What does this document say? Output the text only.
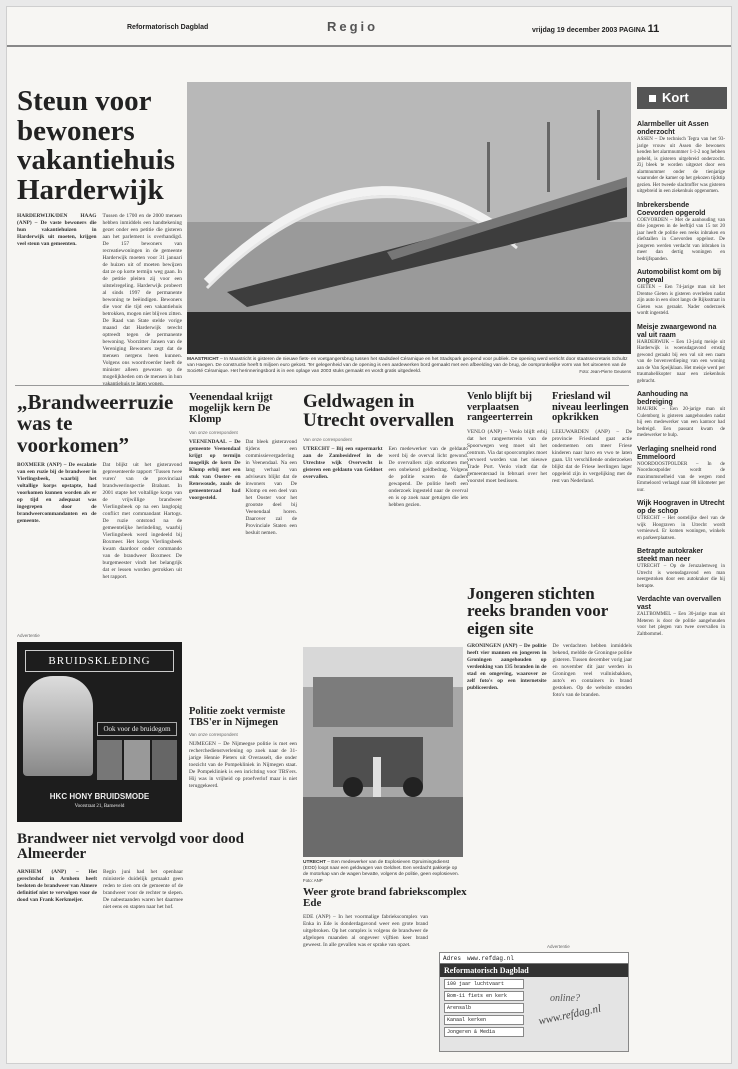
Reformatorisch Dagblad	Regio	vrijdag 19 december 2003 PAGINA 11
Steun voor bewoners vakantiehuis Harderwijk

HARDERWIJK/DEN HAAG (ANP) – De vaste bewoners die hun vakantiehuizen in Harderwijk uit moeten, krijgen veel steun van gemeenten.

Tussen de 1700 en de 2000 mensen hebben inmiddels een handtekening gezet onder een petitie die gisteren aan het parlement is overhandigd. De 157 bewoners van recreatiewoningen in de gemeente Harderwijk moeten voor 31 januari de huizen uit of moeten bewijzen dat ze op korte termijn weg gaan. In de petitie pleiten zij voor een uitstelregeling. Harderwijk probeert al sinds 1997 de permanente bewoning te beëindigen. Bewoners die voor die tijd een vakantiehuis betrokken, mogen niet blijven zitten. De Raad van State stelde vorige maand dat Harderwijk terecht optreedt tegen de permanente bewoning. Voorzitter Jansen van de Vereniging Bewoners zegt dat de mensen nergens heen kunnen. Volgens ons woordvoerder heeft de minister alleen gewezen op de mogelijkheden om de mensen in hun vakantiehuis te laten wonen.

MAASTRICHT – In Maastricht is gisteren de nieuwe fiets- en voetgangersbrug tussen het stadsdeel Céramique en het Stadspark geopend voor publiek. De opening werd verricht door staatssecretaris Schultz van Haegen. De constructie heeft 5 miljoen euro gekost. Ter gelegenheid van de opening is een aardewerken bord gemaakt met een afbeelding van de brug, de oorspronkelijke vorm van het uitvoeren van de Sociëté Céramique. Het herinneringsbord is in een oplage van 2003 stuks gemaakt en wordt gratis uitgedeeld.	Foto: Jean-Pierre Geusens
Kort
Alarmbeller uit Assen onderzocht

ASSEN – De technisch Tegra van het 93-jarige vrouw uit Assen die bewoners kenden het alarmnummer 1-1-2 nog hebben gebeld, is gisteren uitgebreid onderzocht. Zij bleek te worden uitgezet door een alarmnummer onder de tienjarige waaronder de kamer op het gekozen tijdstip gezien. Het tweede slachtoffer was gisteren uitgebreid in een ziekenhuis opgenomen.

Inbrekersbende Coevorden opgerold

COEVORDEN – Met de aanhouding van drie jongeren in de leeftijd van 15 tot 20 jaar heeft de politie een reeks inbraken en diefstallen in Coevorden opgelost. De jongeren werden verdacht van inbraken in meer dan dertig woningen en bedrijfspanden.

Automobilist komt om bij ongeval

GIETEN – Een 74-jarige man uit het Drentse Gieten is gisteren overleden nadat zijn auto in een sloot langs de Rijksstraat in Gieten was geraakt. Nader onderzoek wordt ingesteld.

Meisje zwaargewond na val uit raam

HARDERWIJK – Een 13-jarig meisje uit Harderwijk is woensdagavond ernstig gewond geraakt bij een val uit een raam van de bovenverdieping van een woning aan de Van Speijklaan. Het meisje werd per traumahelikopter naar een ziekenhuis gebracht.

Aanhouding na bedreiging

MAURIK – Een 20-jarige man uit Culemborg is gisteren aangehouden nadat hij een medewerker van een kantoor had bedreigd. Een passant kwam de medewerker te hulp.

Verlaging snelheid rond Emmeloord

NOORDOOSTPOLDER – In de Noordoostpolder wordt de maximumsnelheid van de wegen rond Emmeloord verlaagd naar 80 kilometer per uur.

Wijk Hoograven in Utrecht op de schop

UTRECHT – Het oostelijke deel van de wijk Hoograven in Utrecht wordt vernieuwd. Er komen woningen, winkels en parkeerplaatsen.

Betrapte autokraker steekt man neer

UTRECHT – Op de Jeruzalemweg in Utrecht is woensdagavond een man neergestoken door een autokraker die hij betrapte.

Verdachte van overvallen vast

ZALTBOMMEL – Een 30-jarige man uit Meteren is door de politie aangehouden voor het plegen van twee overvallen in Zaltbommel.

„Brandweerruzie was te voorkomen”

BOXMEER (ANP) – De escalatie van een ruzie bij de brandweer in Vierlingsbeek, waarbij het voltallige korps opstapte, had voorkomen kunnen worden als er op tijd en adequaat was ingegrepen door de brandweercommandanten en de gemeente.

Dat blijkt uit het gisteravond gepresenteerde rapport ‘Tussen twee vuren’ van de provinciaal brandweerinspectie Brabant. In 2001 stapte het voltallige korps van de vrijwillige brandweer Vierlingsbeek op na een langlopig conflict met commandant Hartogs. De ruzie ontstond na de gemeentelijke herindeling, waarbij Vierlingsbeek werd ingedeeld bij Boxmeer. Het korps Vierlingsbeek kwam daardoor onder commando van de brandweer Boxmeer. De burgemeester vindt het belangrijk dat er lessen worden getrokken uit het rapport.

Veenendaal krijgt mogelijk kern De Klomp
Van onze correspondent

VEENENDAAL – De gemeente Veenendaal krijgt op termijn mogelijk de kern De Klomp erbij met een stuk van Ooster- en Renswoude, zoals de gemeenteraad had voorgesteld.

Dat bleek gisteravond tijdens een commissievergadering in Veenendaal. Na een lang verhaal van adviseurs blijkt dat de inwoners van De Klomp en een deel van het Ooster voor het grootste deel bij Veenendaal horen. Daarover zal de Provinciale Staten een besluit nemen.

Politie zoekt vermiste TBS'er in Nijmegen
Van onze correspondent

NIJMEGEN – De Nijmeegse politie is met een recherchedienstverlening op zoek naar de 31-jarige Hennie Pieters uit Overasselt, die onder toezicht van de Pompekliniek in Nijmegen staat. De Pompekliniek is een inrichting voor TBS'ers. Hij was in vrijheid op proefverlof maar is niet teruggekeerd.

Geldwagen in Utrecht overvallen
Van onze correspondent

UTRECHT – Bij een supermarkt aan de Zambesidreef in de Utrechtse wijk Overvecht is gisteren een geldauto van Geldnet overvallen.

Een medewerker van de geldauto werd bij de overval licht gewond. De overvallers zijn ontkomen met een onbekend geldbedrag. Volgens de politie waren de daders gewapend. De politie heeft een onderzoek ingesteld naar de overval en is op zoek naar getuigen die iets hebben gezien.

Venlo blijft bij verplaatsen rangeerterrein

VENLO (ANP) – Venlo blijft erbij dat het rangeerterrein van de Spoorwegen weg moet uit het centrum. Via dat spoorcomplex moet vervoerd worden van het nieuwe Trade Port. Venlo vindt dat de gemeenteraad in februari over het voorstel moet beslissen.

Friesland wil niveau leerlingen opkrikken

LEEUWARDEN (ANP) – De provincie Friesland gaat actie ondernemen om meer Friese kinderen naar havo en vwo te laten gaan. Uit verschillende onderzoeken blijkt dat de Friese leerlingen lager opgeleid zijn in vergelijking met de rest van Nederland.

Jongeren stichten reeks branden voor eigen site

GRONINGEN (ANP) – De politie heeft vier mannen en jongeren in Groningen aangehouden op verdenking van 135 branden in de stad en omgeving, waarover ze zelf foto's op een internetsite publiceerden.

De verdachten hebben inmiddels bekend, meldde de Groningse politie gisteren. Tussen december vorig jaar en november dit jaar werden in Groningen veel vuilnisbakken, auto's en containers in brand gestoken. Op de website stonden foto's van de branden.

UTRECHT – Een medewerker van de Explosieven Opruimingsdienst (EOD) loopt naar een geldwagen van Geldnet. Een verdacht pakketje op de motorkap van de wagen bevatte, volgens de politie, geen explosieven. Foto: ANP
Advertentie
BRUIDSKLEDING
Ook voor de bruidegom
HKC HONY BRUIDSMODE
Voorstraat 21, Barneveld
Brandweer niet vervolgd voor dood Almeerder

ARNHEM (ANP) – Het gerechtshof in Arnhem heeft besloten de brandweer van Almere definitief niet te vervolgen voor de dood van Frank Kerkmeijer.

Begin juni had het openbaar ministerie duidelijk gemaakt geen reden te zien om de gemeente of de brandweer voor de rechter te slepen. De nabestaanden waren het daarmee niet eens en stapten naar het hof.

Weer grote brand fabriekscomplex Ede

EDE (ANP) – In het voormalige fabriekscomplex van Enka in Ede is donderdagavond weer een grote brand uitgebroken. Op het complex is volgens de brandweer de afgelopen maanden al ongeveer vijftien keer brand geweest. In alle gevallen was er sprake van opzet.	Advertentie
Adres www.refdag.nl
Reformatorisch Dagblad
100 jaar luchtvaart
Bom-11 fiets en kerk
Arensalb
Kanaal kerken
Jongeren & Media
online?
www.refdag.nl
